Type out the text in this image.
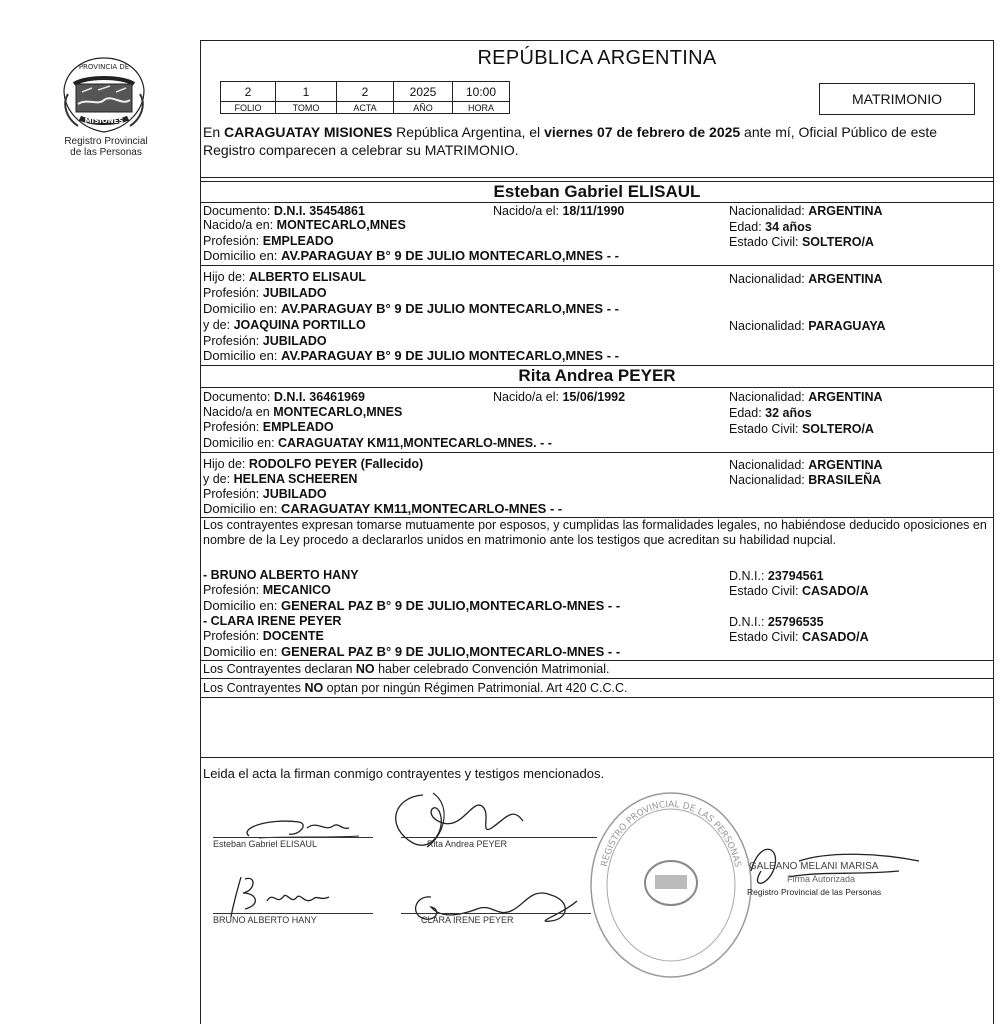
PROVINCIA DE
MISIONES
Registro Provincial
de las Personas
REPÚBLICA ARGENTINA
2	1	2	2025	10:00
FOLIO	TOMO	ACTA	AÑO	HORA
MATRIMONIO
En CARAGUATAY MISIONES República Argentina, el viernes 07 de febrero de 2025 ante mí, Oficial Público de este Registro comparecen a celebrar su MATRIMONIO.
Esteban Gabriel ELISAUL
Documento: D.N.I. 35454861	Nacido/a el: 18/11/1990	Nacionalidad: ARGENTINA
Nacido/a en: MONTECARLO,MNES	Edad: 34 años
Profesión: EMPLEADO	Estado Civil: SOLTERO/A
Domicilio en: AV.PARAGUAY B° 9 DE JULIO MONTECARLO,MNES - -
Hijo de: ALBERTO ELISAUL	Nacionalidad: ARGENTINA
Profesión: JUBILADO
Domicilio en: AV.PARAGUAY B° 9 DE JULIO MONTECARLO,MNES - -
y de: JOAQUINA PORTILLO	Nacionalidad: PARAGUAYA
Profesión: JUBILADO
Domicilio en: AV.PARAGUAY B° 9 DE JULIO MONTECARLO,MNES - -
Rita Andrea PEYER
Documento: D.N.I. 36461969	Nacido/a el: 15/06/1992	Nacionalidad: ARGENTINA
Nacido/a en MONTECARLO,MNES	Edad: 32 años
Profesión: EMPLEADO	Estado Civil: SOLTERO/A
Domicilio en: CARAGUATAY KM11,MONTECARLO-MNES. - -
Hijo de: RODOLFO PEYER (Fallecido)	Nacionalidad: ARGENTINA
y de: HELENA SCHEEREN	Nacionalidad: BRASILEÑA
Profesión: JUBILADO
Domicilio en: CARAGUATAY KM11,MONTECARLO-MNES - -
Los contrayentes expresan tomarse mutuamente por esposos, y cumplidas las formalidades legales, no habiéndose deducido oposiciones en nombre de la Ley procedo a declararlos unidos en matrimonio ante los testigos que acreditan su habilidad nupcial.
- BRUNO ALBERTO HANY	D.N.I.: 23794561
Profesión: MECANICO	Estado Civil: CASADO/A
Domicilio en: GENERAL PAZ B° 9 DE JULIO,MONTECARLO-MNES - -
- CLARA IRENE PEYER	D.N.I.: 25796535
Profesión: DOCENTE	Estado Civil: CASADO/A
Domicilio en: GENERAL PAZ B° 9 DE JULIO,MONTECARLO-MNES - -
Los Contrayentes declaran NO haber celebrado Convención Matrimonial.
Los Contrayentes NO optan por ningún Régimen Patrimonial. Art 420 C.C.C.
Leida el acta la firman conmigo contrayentes y testigos mencionados.
Esteban Gabriel ELISAUL	Rita Andrea PEYER
BRUNO ALBERTO HANY	CLARA IRENE PEYER
REGISTRO PROVINCIAL DE LAS PERSONAS GALEANO MELANI MARISA
Firma Autorizada
Registro Provincial de las Personas
